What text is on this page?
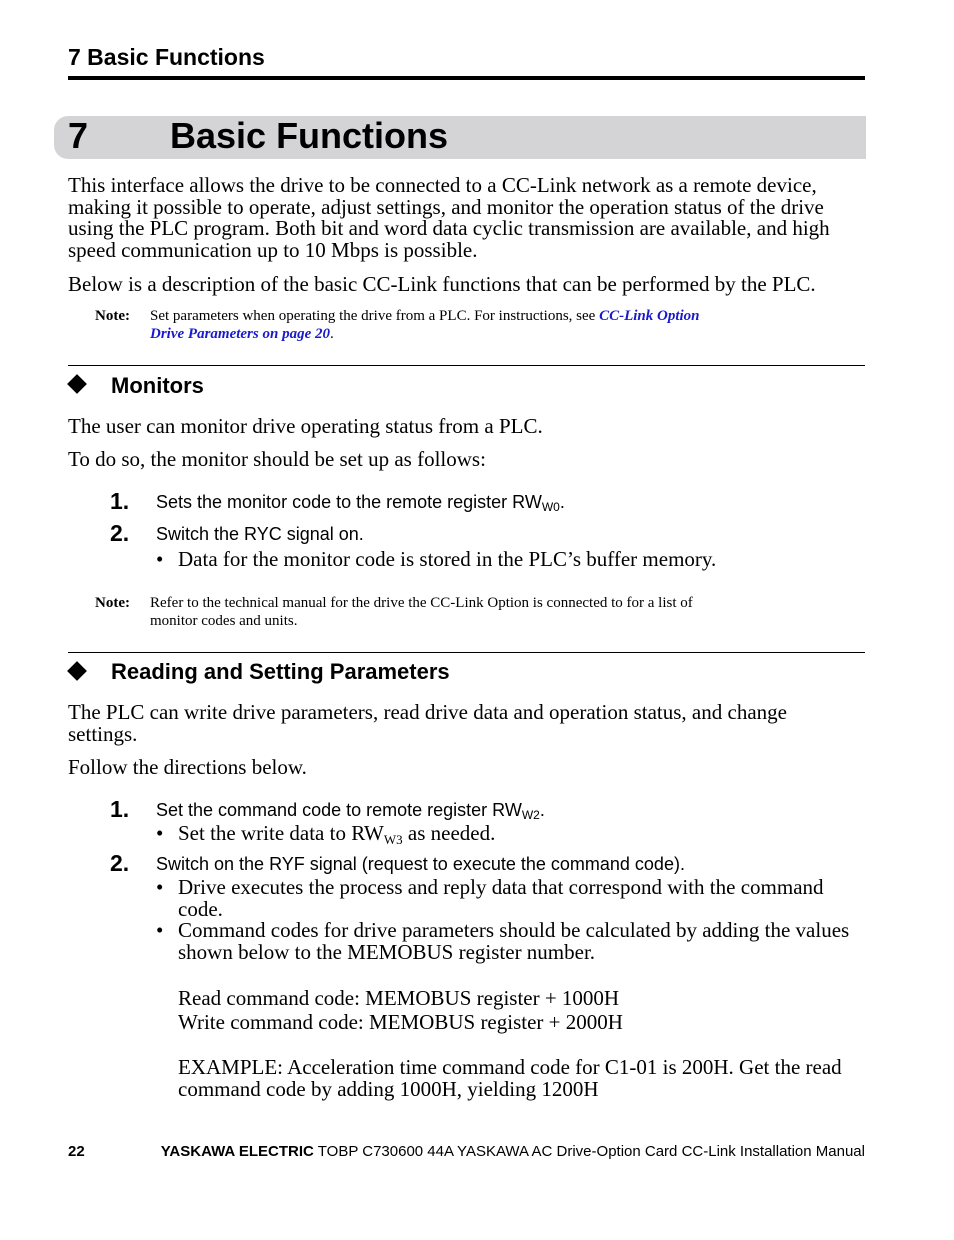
7 Basic Functions
7 Basic Functions
This interface allows the drive to be connected to a CC-Link network as a remote device,
making it possible to operate, adjust settings, and monitor the operation status of the drive
using the PLC program. Both bit and word data cyclic transmission are available, and high
speed communication up to 10 Mbps is possible.
Below is a description of the basic CC-Link functions that can be performed by the PLC.
Note: Set parameters when operating the drive from a PLC. For instructions, see CC-Link Option
Drive Parameters on page 20.
Monitors
The user can monitor drive operating status from a PLC.
To do so, the monitor should be set up as follows:
1. Sets the monitor code to the remote register $RW_{W0}$.
2. Switch the RYC signal on.
• Data for the monitor code is stored in the PLC’s buffer memory.
Note: Refer to the technical manual for the drive the CC-Link Option is connected to for a list of
monitor codes and units.
Reading and Setting Parameters
The PLC can write drive parameters, read drive data and operation status, and change
settings.
Follow the directions below.
1. Set the command code to remote register $RW_{W2}$.
• Set the write data to $RW_{W3}$ as needed.
2. Switch on the RYF signal (request to execute the command code).
• Drive executes the process and reply data that correspond with the command
code.
• Command codes for drive parameters should be calculated by adding the values
shown below to the MEMOBUS register number.
Read command code: MEMOBUS register + 1000H
Write command code: MEMOBUS register + 2000H
EXAMPLE: Acceleration time command code for C1-01 is 200H. Get the read
command code by adding 1000H, yielding 1200H
22	YASKAWA ELECTRIC TOBP C730600 44A YASKAWA AC Drive-Option Card CC-Link Installation Manual
